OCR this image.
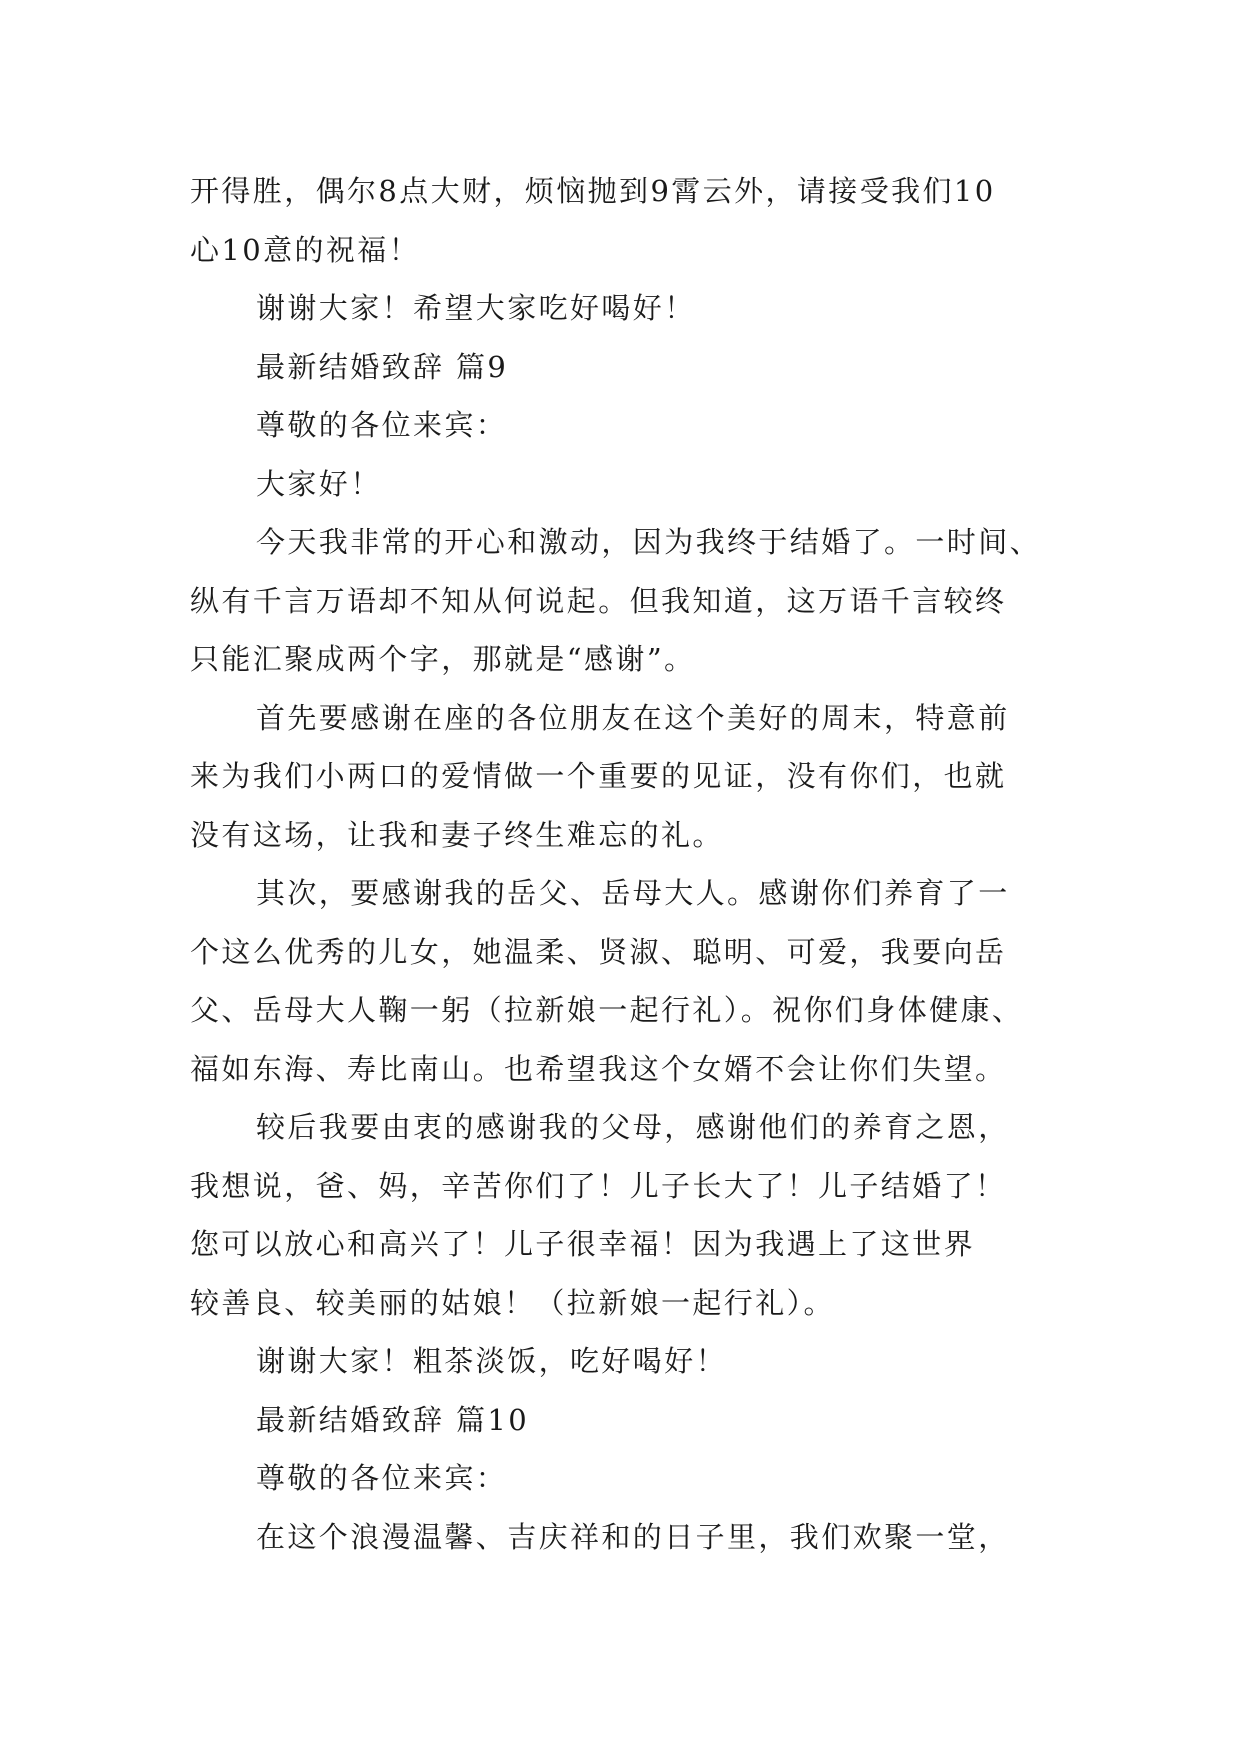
开得胜，偶尔8点大财，烦恼抛到9霄云外，请接受我们10
心10意的祝福！
谢谢大家！希望大家吃好喝好！
最新结婚致辞 篇9
尊敬的各位来宾：
大家好！
今天我非常的开心和激动，因为我终于结婚了。一时间、
纵有千言万语却不知从何说起。但我知道，这万语千言较终
只能汇聚成两个字，那就是“感谢”。
首先要感谢在座的各位朋友在这个美好的周末，特意前
来为我们小两口的爱情做一个重要的见证，没有你们，也就
没有这场，让我和妻子终生难忘的礼。
其次，要感谢我的岳父、岳母大人。感谢你们养育了一
个这么优秀的儿女，她温柔、贤淑、聪明、可爱，我要向岳
父、岳母大人鞠一躬（拉新娘一起行礼）。祝你们身体健康、
福如东海、寿比南山。也希望我这个女婿不会让你们失望。
较后我要由衷的感谢我的父母，感谢他们的养育之恩，
我想说，爸、妈，辛苦你们了！儿子长大了！儿子结婚了！
您可以放心和高兴了！儿子很幸福！因为我遇上了这世界
较善良、较美丽的姑娘！（拉新娘一起行礼）。
谢谢大家！粗茶淡饭，吃好喝好！
最新结婚致辞 篇10
尊敬的各位来宾：
在这个浪漫温馨、吉庆祥和的日子里，我们欢聚一堂，
